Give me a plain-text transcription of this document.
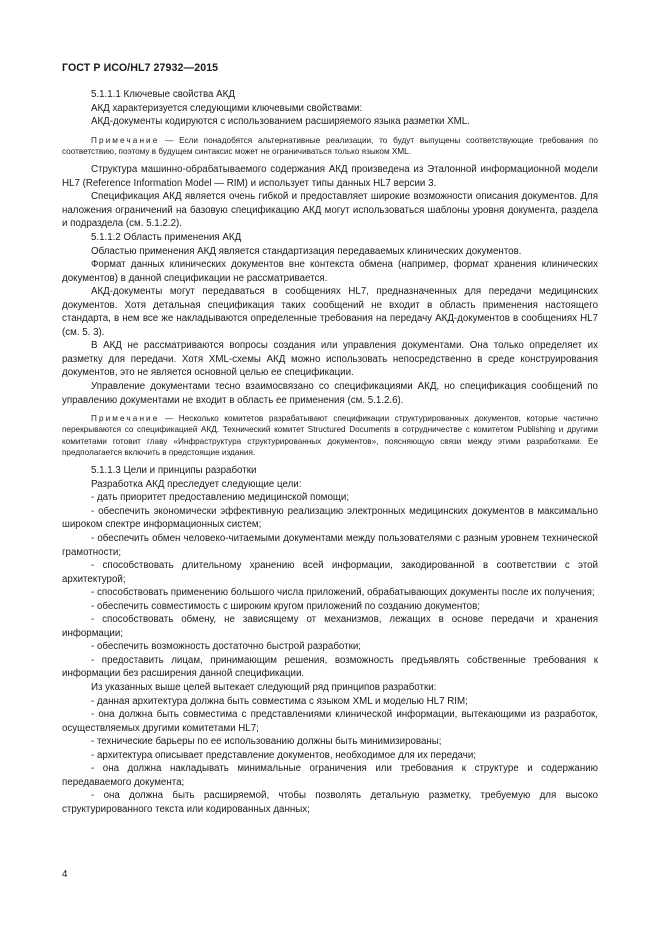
ГОСТ Р ИСО/HL7 27932—2015

5.1.1.1 Ключевые свойства АКД

АКД характеризуется следующими ключевыми свойствами:

АКД-документы кодируются с использованием расширяемого языка разметки XML.

Примечание — Если понадобятся альтернативные реализации, то будут выпущены соответствующие требования по соответствию, поэтому в будущем синтаксис может не ограничиваться только языком XML.

Структура машинно-обрабатываемого содержания АКД произведена из Эталонной информационной модели HL7 (Reference Information Model — RIM) и использует типы данных HL7 версии 3.

Спецификация АКД является очень гибкой и предоставляет широкие возможности описания документов. Для наложения ограничений на базовую спецификацию АКД могут использоваться шаблоны уровня документа, раздела и подраздела (см. 5.1.2.2).

5.1.1.2 Область применения АКД

Областью применения АКД является стандартизация передаваемых клинических документов.

Формат данных клинических документов вне контекста обмена (например, формат хранения клинических документов) в данной спецификации не рассматривается.

АКД-документы могут передаваться в сообщениях HL7, предназначенных для передачи медицинских документов. Хотя детальная спецификация таких сообщений не входит в область применения настоящего стандарта, в нем все же накладываются определенные требования на передачу АКД-документов в сообщениях HL7 (см. 5. 3).

В АКД не рассматриваются вопросы создания или управления документами. Она только определяет их разметку для передачи. Хотя XML-схемы АКД можно использовать непосредственно в среде конструирования документов, это не является основной целью ее спецификации.

Управление документами тесно взаимосвязано со спецификациями АКД, но спецификация сообщений по управлению документами не входит в область ее применения (см. 5.1.2.6).

Примечание — Несколько комитетов разрабатывают спецификации структурированных документов, которые частично перекрываются со спецификацией АКД. Технический комитет Structured Documents в сотрудничестве с комитетом Publishing и другими комитетами готовит главу «Инфраструктура структурированных документов», поясняющую связи между этими разработками. Ее предполагается включить в предстоящие издания.

5.1.1.3 Цели и принципы разработки

Разработка АКД преследует следующие цели:

- дать приоритет предоставлению медицинской помощи;

- обеспечить экономически эффективную реализацию электронных медицинских документов в максимально широком спектре информационных систем;

- обеспечить обмен человеко-читаемыми документами между пользователями с разным уровнем технической грамотности;

- способствовать длительному хранению всей информации, закодированной в соответствии с этой архитектурой;

- способствовать применению большого числа приложений, обрабатывающих документы после их получения;

- обеспечить совместимость с широким кругом приложений по созданию документов;

- способствовать обмену, не зависящему от механизмов, лежащих в основе передачи и хранения информации;

- обеспечить возможность достаточно быстрой разработки;

- предоставить лицам, принимающим решения, возможность предъявлять собственные требования к информации без расширения данной спецификации.

Из указанных выше целей вытекает следующий ряд принципов разработки:

- данная архитектура должна быть совместима с языком XML и моделью HL7 RIM;

- она должна быть совместима с представлениями клинической информации, вытекающими из разработок, осуществляемых другими комитетами HL7;

- технические барьеры по ее использованию должны быть минимизированы;

- архитектура описывает представление документов, необходимое для их передачи;

- она должна накладывать минимальные ограничения или требования к структуре и содержанию передаваемого документа;

- она должна быть расширяемой, чтобы позволять детальную разметку, требуемую для высоко структурированного текста или кодированных данных;

4
